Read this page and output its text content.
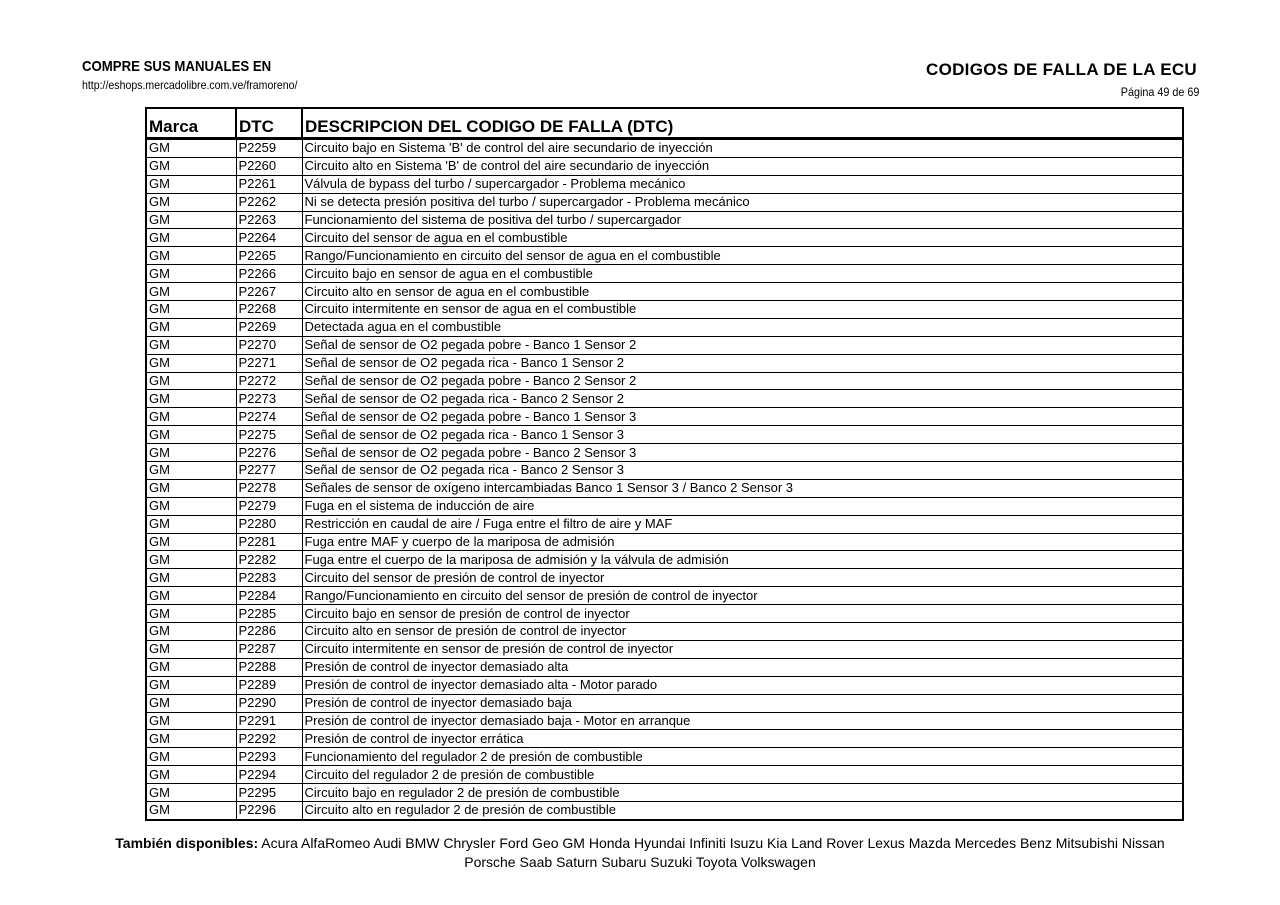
COMPRE SUS MANUALES EN
http://eshops.mercadolibre.com.ve/framoreno/
CODIGOS DE FALLA DE LA ECU
Página 49 de 69
Marca	DTC	DESCRIPCION DEL CODIGO DE FALLA (DTC)
GM	P2259	Circuito bajo en Sistema 'B' de control del aire secundario de inyección
GM	P2260	Circuito alto en Sistema 'B' de control del aire secundario de inyección
GM	P2261	Válvula de bypass del turbo / supercargador - Problema mecánico
GM	P2262	Ni se detecta presión positiva del turbo / supercargador - Problema mecánico
GM	P2263	Funcionamiento del sistema de positiva del turbo / supercargador
GM	P2264	Circuito del sensor de agua en el combustible
GM	P2265	Rango/Funcionamiento en circuito del sensor de agua en el combustible
GM	P2266	Circuito bajo en sensor de agua en el combustible
GM	P2267	Circuito alto en sensor de agua en el combustible
GM	P2268	Circuito intermitente en sensor de agua en el combustible
GM	P2269	Detectada agua en el combustible
GM	P2270	Señal de sensor de O2 pegada pobre - Banco 1 Sensor 2
GM	P2271	Señal de sensor de O2 pegada rica - Banco 1 Sensor 2
GM	P2272	Señal de sensor de O2 pegada pobre - Banco 2 Sensor 2
GM	P2273	Señal de sensor de O2 pegada rica - Banco 2 Sensor 2
GM	P2274	Señal de sensor de O2 pegada pobre - Banco 1 Sensor 3
GM	P2275	Señal de sensor de O2 pegada rica - Banco 1 Sensor 3
GM	P2276	Señal de sensor de O2 pegada pobre - Banco 2 Sensor 3
GM	P2277	Señal de sensor de O2 pegada rica - Banco 2 Sensor 3
GM	P2278	Señales de sensor de oxígeno intercambiadas Banco 1 Sensor 3 / Banco 2 Sensor 3
GM	P2279	Fuga en el sistema de inducción de aire
GM	P2280	Restricción en caudal de aire / Fuga entre el filtro de aire y MAF
GM	P2281	Fuga entre MAF y cuerpo de la mariposa de admisión
GM	P2282	Fuga entre el cuerpo de la mariposa de admisión y la válvula de admisión
GM	P2283	Circuito del sensor de presión de control de inyector
GM	P2284	Rango/Funcionamiento en circuito del sensor de presión de control de inyector
GM	P2285	Circuito bajo en sensor de presión de control de inyector
GM	P2286	Circuito alto en sensor de presión de control de inyector
GM	P2287	Circuito intermitente en sensor de presión de control de inyector
GM	P2288	Presión de control de inyector demasiado alta
GM	P2289	Presión de control de inyector demasiado alta - Motor parado
GM	P2290	Presión de control de inyector demasiado baja
GM	P2291	Presión de control de inyector demasiado baja - Motor en arranque
GM	P2292	Presión de control de inyector errática
GM	P2293	Funcionamiento del regulador 2 de presión de combustible
GM	P2294	Circuito del regulador 2 de presión de combustible
GM	P2295	Circuito bajo en regulador 2 de presión de combustible
GM	P2296	Circuito alto en regulador 2 de presión de combustible
También disponibles: Acura AlfaRomeo Audi BMW Chrysler Ford Geo GM Honda Hyundai Infiniti Isuzu Kia Land Rover Lexus Mazda Mercedes Benz Mitsubishi Nissan Porsche Saab Saturn Subaru Suzuki Toyota Volkswagen
